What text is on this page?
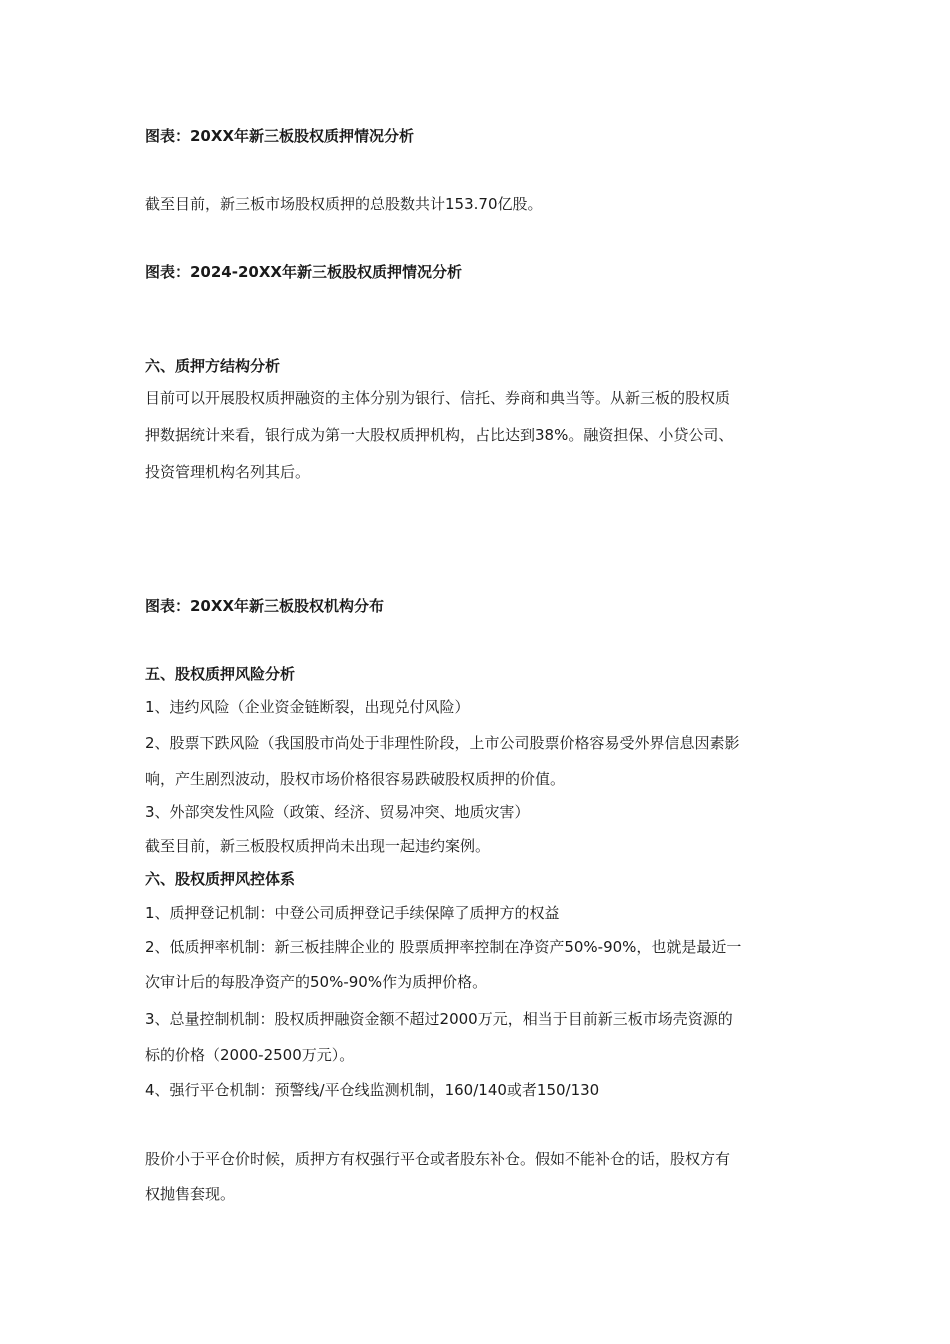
图表：20XX年新三板股权质押情况分析
截至目前，新三板市场股权质押的总股数共计153.70亿股。
图表：2024-20XX年新三板股权质押情况分析
六、质押方结构分析
目前可以开展股权质押融资的主体分别为银行、信托、券商和典当等。从新三板的股权质
押数据统计来看，银行成为第一大股权质押机构，占比达到38%。融资担保、小贷公司、
投资管理机构名列其后。
图表：20XX年新三板股权机构分布
五、股权质押风险分析
1、违约风险（企业资金链断裂，出现兑付风险）
2、股票下跌风险（我国股市尚处于非理性阶段，上市公司股票价格容易受外界信息因素影
响，产生剧烈波动，股权市场价格很容易跌破股权质押的价值。
3、外部突发性风险（政策、经济、贸易冲突、地质灾害）
截至目前，新三板股权质押尚未出现一起违约案例。
六、股权质押风控体系
1、质押登记机制：中登公司质押登记手续保障了质押方的权益
2、低质押率机制：新三板挂牌企业的 股票质押率控制在净资产50%-90%，也就是最近一
次审计后的每股净资产的50%-90%作为质押价格。
3、总量控制机制：股权质押融资金额不超过2000万元，相当于目前新三板市场壳资源的
标的价格（2000-2500万元）。
4、强行平仓机制：预警线/平仓线监测机制，160/140或者150/130
股价小于平仓价时候，质押方有权强行平仓或者股东补仓。假如不能补仓的话，股权方有
权抛售套现。
